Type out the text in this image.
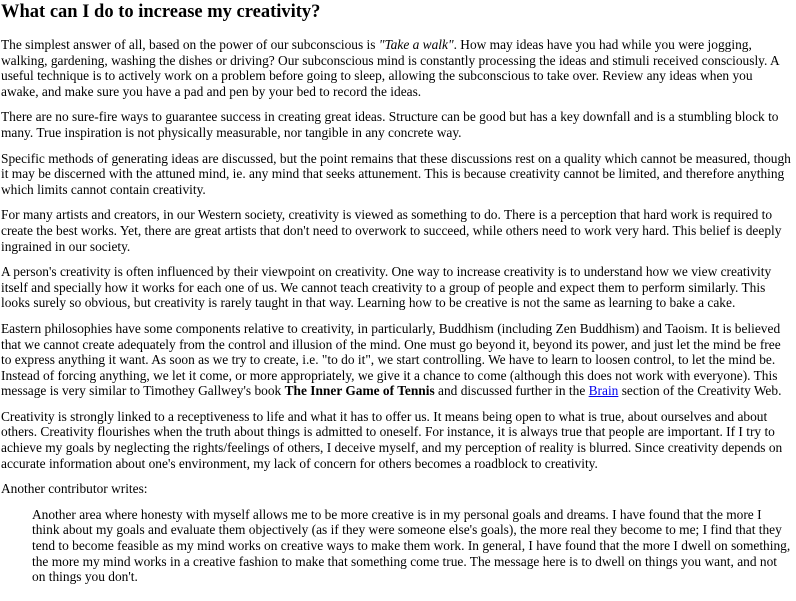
What can I do to increase my creativity?

The simplest answer of all, based on the power of our subconscious is "Take a walk". How may ideas have you had while you were jogging, walking, gardening, washing the dishes or driving? Our subconscious mind is constantly processing the ideas and stimuli received consciously. A useful technique is to actively work on a problem before going to sleep, allowing the subconscious to take over. Review any ideas when you awake, and make sure you have a pad and pen by your bed to record the ideas.

There are no sure-fire ways to guarantee success in creating great ideas. Structure can be good but has a key downfall and is a stumbling block to many. True inspiration is not physically measurable, nor tangible in any concrete way.

Specific methods of generating ideas are discussed, but the point remains that these discussions rest on a quality which cannot be measured, though it may be discerned with the attuned mind, ie. any mind that seeks attunement. This is because creativity cannot be limited, and therefore anything which limits cannot contain creativity.

For many artists and creators, in our Western society, creativity is viewed as something to do. There is a perception that hard work is required to create the best works. Yet, there are great artists that don't need to overwork to succeed, while others need to work very hard. This belief is deeply ingrained in our society.

A person's creativity is often influenced by their viewpoint on creativity. One way to increase creativity is to understand how we view creativity itself and specially how it works for each one of us. We cannot teach creativity to a group of people and expect them to perform similarly. This looks surely so obvious, but creativity is rarely taught in that way. Learning how to be creative is not the same as learning to bake a cake.

Eastern philosophies have some components relative to creativity, in particularly, Buddhism (including Zen Buddhism) and Taoism. It is believed that we cannot create adequately from the control and illusion of the mind. One must go beyond it, beyond its power, and just let the mind be free to express anything it want. As soon as we try to create, i.e. "to do it", we start controlling. We have to learn to loosen control, to let the mind be. Instead of forcing anything, we let it come, or more appropriately, we give it a chance to come (although this does not work with everyone). This message is very similar to Timothey Gallwey's book The Inner Game of Tennis and discussed further in the Brain section of the Creativity Web.

Creativity is strongly linked to a receptiveness to life and what it has to offer us. It means being open to what is true, about ourselves and about others. Creativity flourishes when the truth about things is admitted to oneself. For instance, it is always true that people are important. If I try to achieve my goals by neglecting the rights/feelings of others, I deceive myself, and my perception of reality is blurred. Since creativity depends on accurate information about one's environment, my lack of concern for others becomes a roadblock to creativity.

Another contributor writes:

Another area where honesty with myself allows me to be more creative is in my personal goals and dreams. I have found that the more I think about my goals and evaluate them objectively (as if they were someone else's goals), the more real they become to me; I find that they tend to become feasible as my mind works on creative ways to make them work. In general, I have found that the more I dwell on something, the more my mind works in a creative fashion to make that something come true. The message here is to dwell on things you want, and not on things you don't.
